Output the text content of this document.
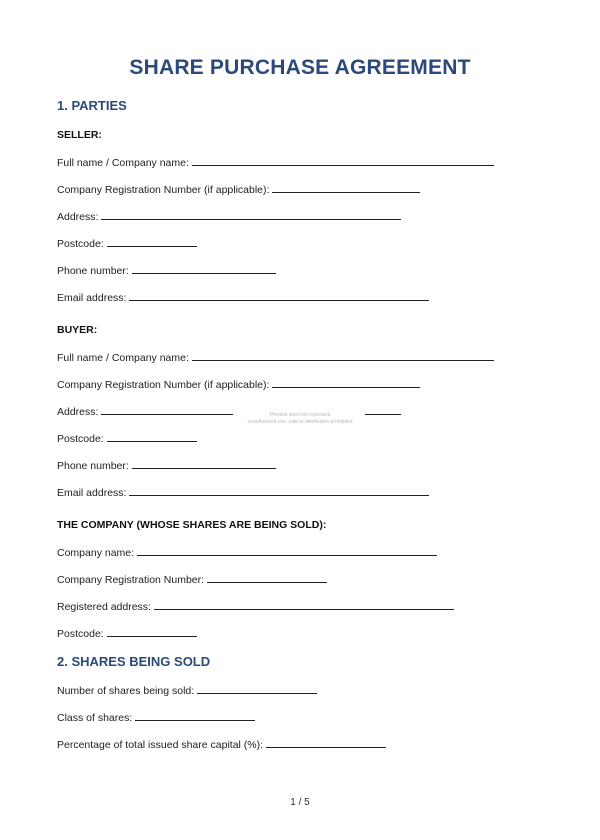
SHARE PURCHASE AGREEMENT
1. PARTIES
SELLER:
Full name / Company name:
Company Registration Number (if applicable):
Address:
Postcode:
Phone number:
Email address:
BUYER:
Full name / Company name:
Company Registration Number (if applicable):
Address:
Postcode:
Phone number:
Email address:
THE COMPANY (WHOSE SHARES ARE BEING SOLD):
Company name:
Company Registration Number:
Registered address:
Postcode:
2. SHARES BEING SOLD
Number of shares being sold:
Class of shares:
Percentage of total issued share capital (%):
Preview does not represent
unauthorized use, sale or distribution prohibited
1 / 5
